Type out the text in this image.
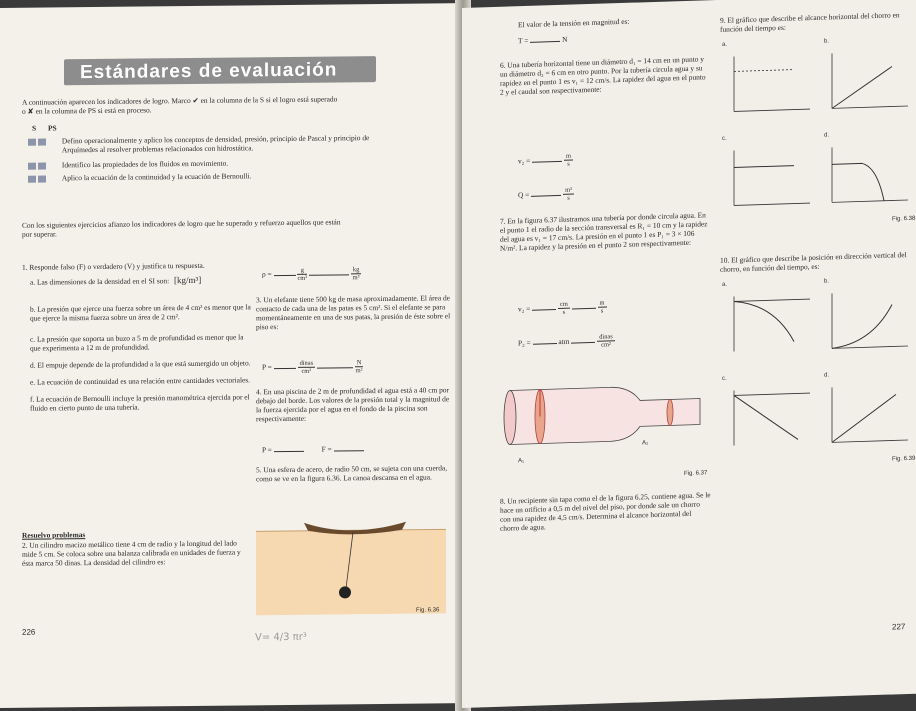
Estándares de evaluación
A continuación aparecen los indicadores de logro. Marco ✔ en la columna de la S si el logro está superado
o ✘ en la columna de PS si está en proceso.
S PS
Defino operacionalmente y aplico los conceptos de densidad, presión, principio de Pascal y principio de Arquímedes al resolver problemas relacionados con hidrostática.
Identifico las propiedades de los fluidos en movimiento.
Aplico la ecuación de la continuidad y la ecuación de Bernoulli.
Con los siguientes ejercicios afianzo los indicadores de logro que he superado y refuerzo aquellos que están
por superar.
1. Responde falso (F) o verdadero (V) y justifica tu respuesta.
a. Las dimensiones de la densidad en el SI son: [kg/m³]
b. La presión que ejerce una fuerza sobre un área de 4 cm² es menor que la que ejerce la misma fuerza sobre un área de 2 cm².
c. La presión que soporta un buzo a 5 m de profundidad es menor que la que experimenta a 12 m de profundidad.
d. El empuje depende de la profundidad a la que está sumergido un objeto.
e. La ecuación de continuidad es una relación entre cantidades vectoriales.
f. La ecuación de Bernoulli incluye la presión manométrica ejercida por el fluido en cierto punto de una tubería.
Resuelvo problemas
2. Un cilindro macizo metálico tiene 4 cm de radio y la longitud del lado mide 5 cm. Se coloca sobre una balanza calibrada en unidades de fuerza y ésta marca 50 dinas. La densidad del cilindro es:
ρ =	$\frac{g}{\text{cm³}}$
	$\frac{kg}{\text{m³}}$
3. Un elefante tiene 500 kg de masa aproximadamente. El área de contacto de cada una de las patas es 5 cm². Si el elefante se para momentáneamente en una de sus patas, la presión de éste sobre el piso es:
P =	$\frac{\text{dinas}}{\text{cm²}}$
	$\frac{N}{\text{m²}}$
4. En una piscina de 2 m de profundidad el agua está a 40 cm por debajo del borde. Los valores de la presión total y la magnitud de la fuerza ejercida por el agua en el fondo de la piscina son respectivamente:
P =	F =
5. Una esfera de acero, de radio 50 cm, se sujeta con una cuerda, como se ve en la figura 6.36. La canoa descansa en el agua.
Fig. 6.36
V= 4/3 πr³
226
El valor de la tensión en magnitud es:
T =	N
6. Una tubería horizontal tiene un diámetro d₁ = 14 cm en un punto y un diámetro d₂ = 6 cm en otro punto. Por la tubería circula agua y su rapidez en el punto 1 es v₁ = 12 cm/s. La rapidez del agua en el punto 2 y el caudal son respectivamente:
v₂ =	$\frac{m}{s}$
Q =	$\frac{\text{m³}}{s}$
7. En la figura 6.37 ilustramos una tubería por donde circula agua. En el punto 1 el radio de la sección transversal es R₁ = 10 cm y la rapidez del agua es v₁ = 17 cm/s. La presión en el punto 1 es P₁ = 3 × 106 N/m². La rapidez y la presión en el punto 2 son respectivamente:
v₂ =	$\frac{cm}{s}$
	$\frac{m}{s}$
P₂ =	atm	$\frac{\text{dinas}}{\text{cm²}}$
A₁
A₂
Fig. 6.37
8. Un recipiente sin tapa como el de la figura 6.25, contiene agua. Se le hace un orificio a 0,5 m del nivel del piso, por donde sale un chorro con una rapidez de 4,5 cm/s. Determina el alcance horizontal del chorro de agua.
9. El gráfico que describe el alcance horizontal del chorro en función del tiempo es:
a.
b.
c.
d.
Fig. 6.38
10. El gráfico que describe la posición en dirección vertical del chorro, en función del tiempo, es:
a.
b.
c.
d.
Fig. 6.39
227
